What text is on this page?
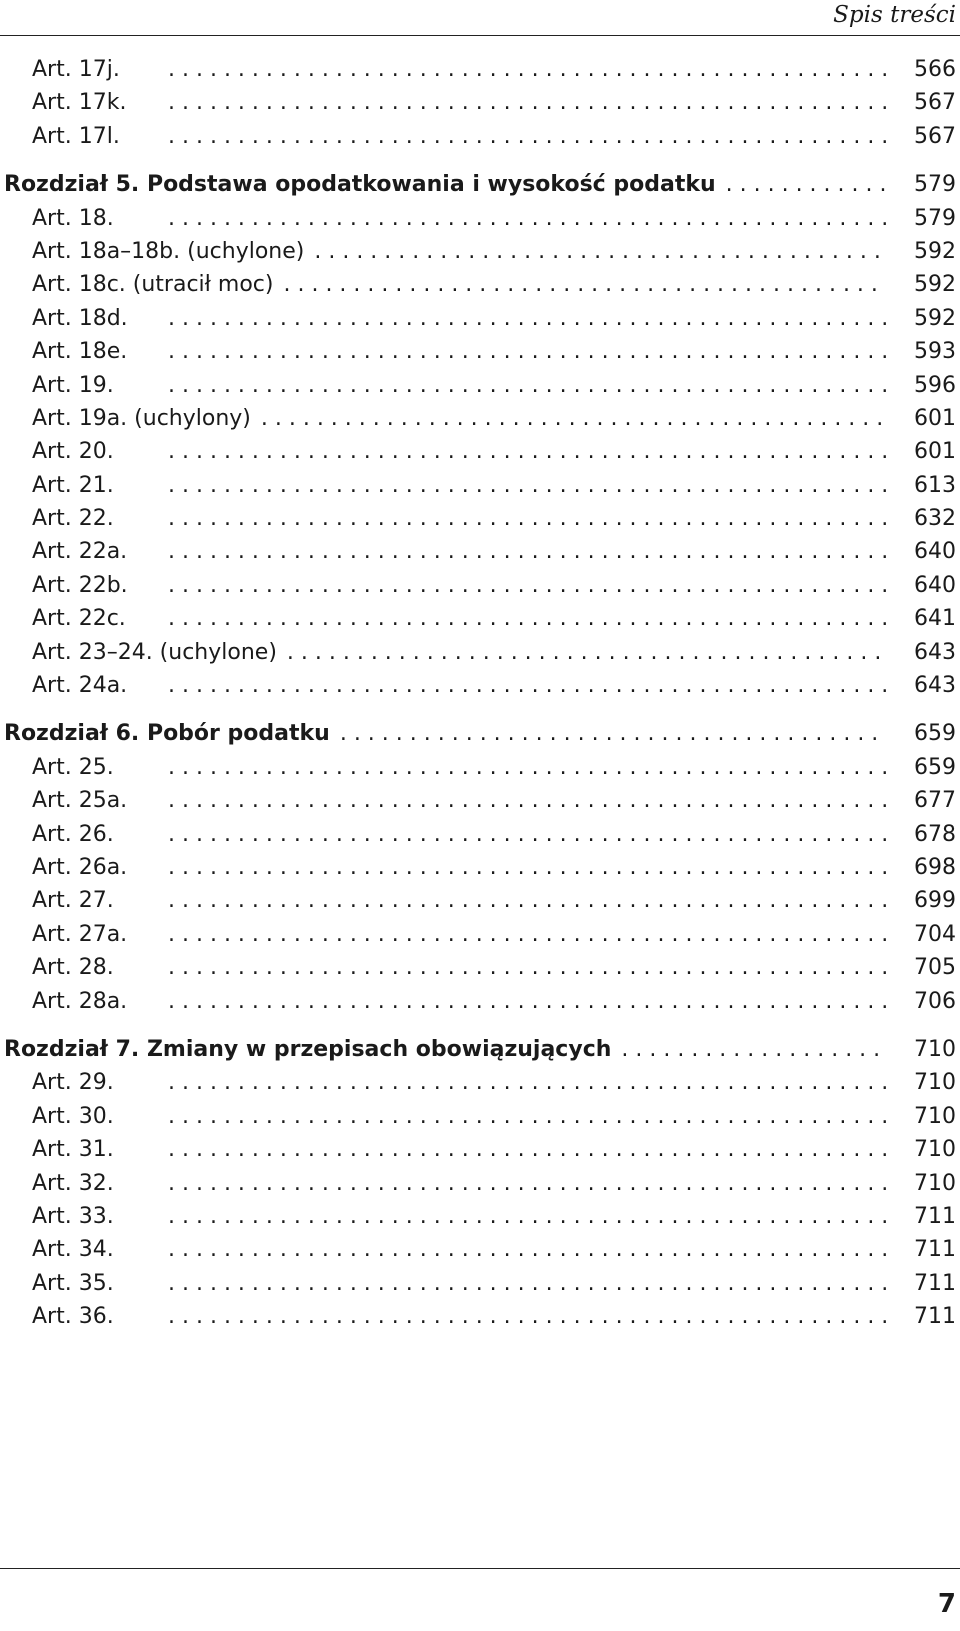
Spis treści
Art. 17j. . . .	566
Art. 17k. . . .	567
Art. 17l. . . .	567
Rozdział 5. Podstawa opodatkowania i wysokość podatku . . .	579
Art. 18. . . .	579
Art. 18a–18b. (uchylone) . . .	592
Art. 18c. (utracił moc) . . .	592
Art. 18d. . . .	592
Art. 18e. . . .	593
Art. 19. . . .	596
Art. 19a. (uchylony) . . .	601
Art. 20. . . .	601
Art. 21. . . .	613
Art. 22. . . .	632
Art. 22a. . . .	640
Art. 22b. . . .	640
Art. 22c. . . .	641
Art. 23–24. (uchylone) . . .	643
Art. 24a. . . .	643
Rozdział 6. Pobór podatku . . .	659
Art. 25. . . .	659
Art. 25a. . . .	677
Art. 26. . . .	678
Art. 26a. . . .	698
Art. 27. . . .	699
Art. 27a. . . .	704
Art. 28. . . .	705
Art. 28a. . . .	706
Rozdział 7. Zmiany w przepisach obowiązujących . . .	710
Art. 29. . . .	710
Art. 30. . . .	710
Art. 31. . . .	710
Art. 32. . . .	710
Art. 33. . . .	711
Art. 34. . . .	711
Art. 35. . . .	711
Art. 36. . . .	711
7
